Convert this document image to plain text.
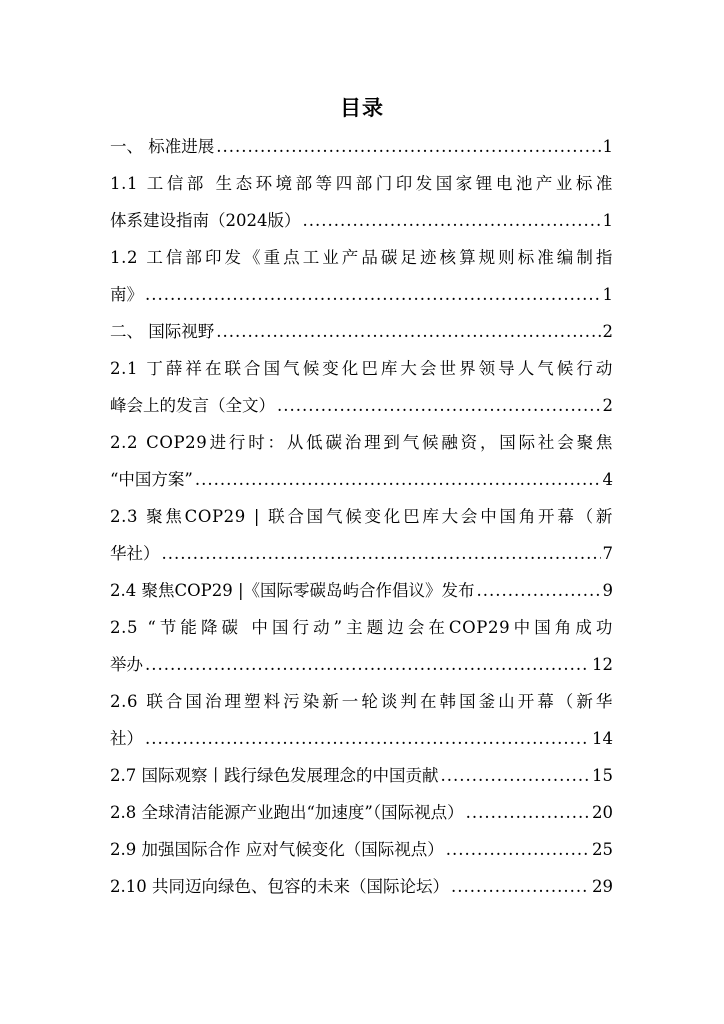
目录
一、 标准进展 .....	1
1.1 工信部 生态环境部等四部门印发国家锂电池产业标准
体系建设指南（2024版） .....	1
1.2 工信部印发《重点工业产品碳足迹核算规则标准编制指
南》 .....	1
二、 国际视野 .....	2
2.1 丁薛祥在联合国气候变化巴库大会世界领导人气候行动
峰会上的发言（全文） .....	2
2.2 COP29进行时：从低碳治理到气候融资，国际社会聚焦
“中国方案” .....	4
2.3 聚焦COP29 | 联合国气候变化巴库大会中国角开幕（新
华社） .....	7
2.4 聚焦COP29 |《国际零碳岛屿合作倡议》发布 .....	9
2.5 “节能降碳 中国行动”主题边会在COP29中国角成功
举办 .....	12
2.6 联合国治理塑料污染新一轮谈判在韩国釜山开幕（新华
社） .....	14
2.7 国际观察丨践行绿色发展理念的中国贡献 .....	15
2.8 全球清洁能源产业跑出“加速度”（国际视点） .....	20
2.9 加强国际合作 应对气候变化（国际视点） .....	25
2.10 共同迈向绿色、包容的未来（国际论坛） .....	29
